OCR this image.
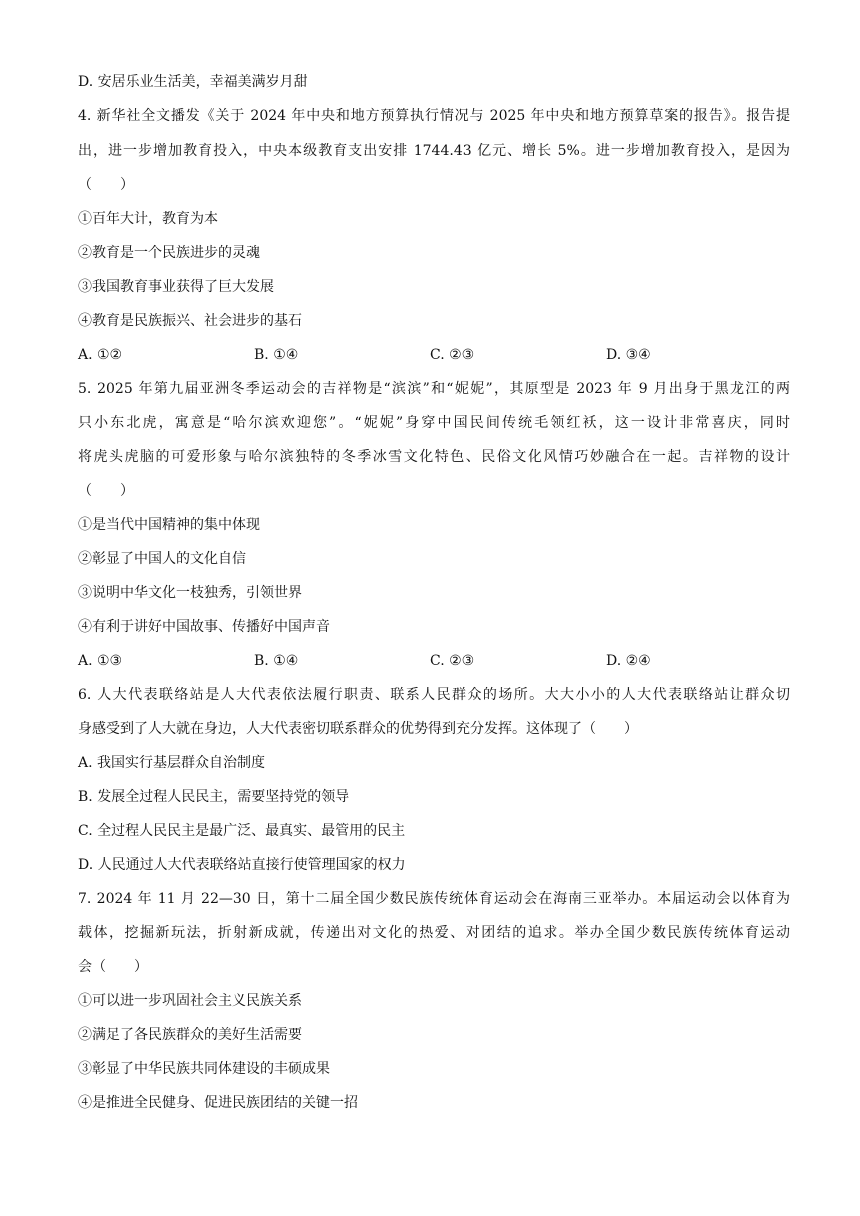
D. 安居乐业生活美，幸福美满岁月甜
4. 新华社全文播发《关于 2024 年中央和地方预算执行情况与 2025 年中央和地方预算草案的报告》。报告提
出，进一步增加教育投入，中央本级教育支出安排 1744.43 亿元、增长 5%。进一步增加教育投入，是因为
（　　）
①百年大计，教育为本
②教育是一个民族进步的灵魂
③我国教育事业获得了巨大发展
④教育是民族振兴、社会进步的基石
A. ①②	B. ①④	C. ②③	D. ③④
5. 2025 年第九届亚洲冬季运动会的吉祥物是“滨滨”和“妮妮”，其原型是 2023 年 9 月出身于黑龙江的两
只小东北虎，寓意是“哈尔滨欢迎您”。“妮妮”身穿中国民间传统毛领红袄，这一设计非常喜庆，同时
将虎头虎脑的可爱形象与哈尔滨独特的冬季冰雪文化特色、民俗文化风情巧妙融合在一起。吉祥物的设计
（　　）
①是当代中国精神的集中体现
②彰显了中国人的文化自信
③说明中华文化一枝独秀，引领世界
④有利于讲好中国故事、传播好中国声音
A. ①③	B. ①④	C. ②③	D. ②④
6. 人大代表联络站是人大代表依法履行职责、联系人民群众的场所。大大小小的人大代表联络站让群众切
身感受到了人大就在身边，人大代表密切联系群众的优势得到充分发挥。这体现了（　　）
A. 我国实行基层群众自治制度
B. 发展全过程人民民主，需要坚持党的领导
C. 全过程人民民主是最广泛、最真实、最管用的民主
D. 人民通过人大代表联络站直接行使管理国家的权力
7. 2024 年 11 月 22—30 日，第十二届全国少数民族传统体育运动会在海南三亚举办。本届运动会以体育为
载体，挖掘新玩法，折射新成就，传递出对文化的热爱、对团结的追求。举办全国少数民族传统体育运动
会（　　）
①可以进一步巩固社会主义民族关系
②满足了各民族群众的美好生活需要
③彰显了中华民族共同体建设的丰硕成果
④是推进全民健身、促进民族团结的关键一招
